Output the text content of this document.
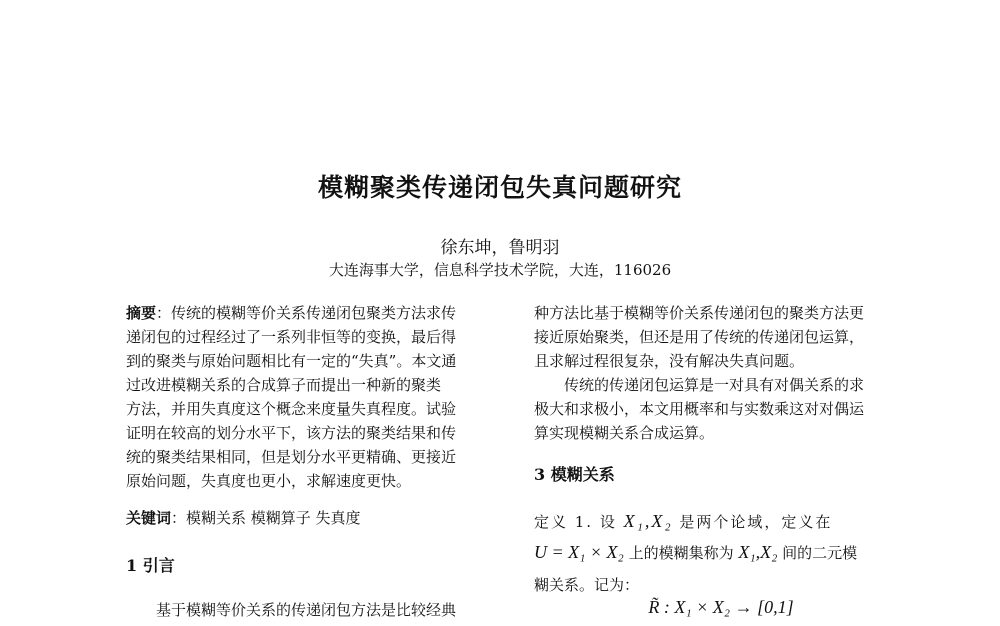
模糊聚类传递闭包失真问题研究
徐东坤，鲁明羽
大连海事大学，信息科学技术学院，大连，116026
摘要：传统的模糊等价关系传递闭包聚类方法求传
递闭包的过程经过了一系列非恒等的变换，最后得
到的聚类与原始问题相比有一定的“失真”。本文通
过改进模糊关系的合成算子而提出一种新的聚类
方法，并用失真度这个概念来度量失真程度。试验
证明在较高的划分水平下，该方法的聚类结果和传
统的聚类结果相同，但是划分水平更精确、更接近
原始问题，失真度也更小，求解速度更快。
关键词：模糊关系 模糊算子 失真度
1 引言
基于模糊等价关系的传递闭包方法是比较经典
种方法比基于模糊等价关系传递闭包的聚类方法更
接近原始聚类，但还是用了传统的传递闭包运算，
且求解过程很复杂，没有解决失真问题。
传统的传递闭包运算是一对具有对偶关系的求
极大和求极小，本文用概率和与实数乘这对对偶运
算实现模糊关系合成运算。
3 模糊关系
定义 1. 设 X₁,X₂ 是两个论域，定义在
U = X₁ × X₂ 上的模糊集称为 X₁,X₂ 间的二元模
糊关系。记为：
R̃ : X₁ × X₂ → [0,1]
